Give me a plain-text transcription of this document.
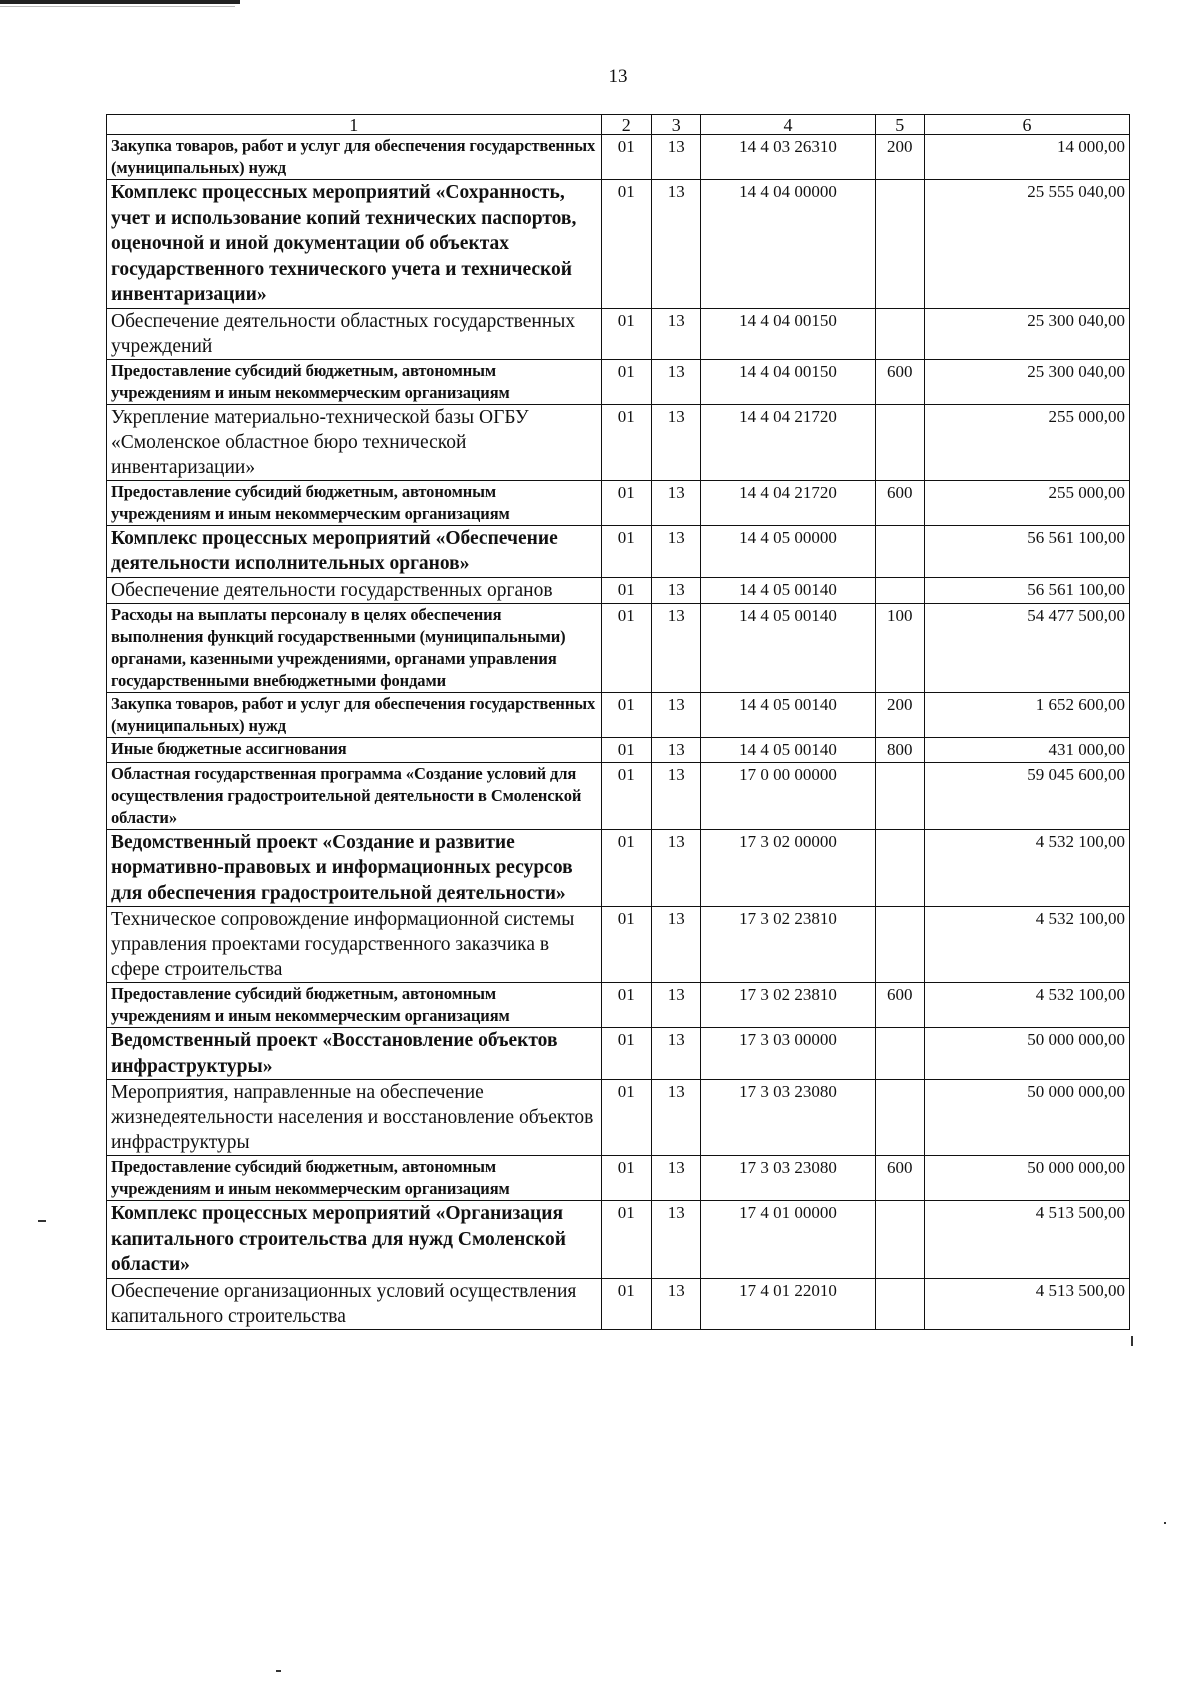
13
1	2	3	4	5	6
Закупка товаров, работ и услуг для обеспечения государственных (муниципальных) нужд	01	13	14 4 03 26310	200	14 000,00
Комплекс процессных мероприятий «Сохранность, учет и использование копий технических паспортов, оценочной и иной документации об объектах государственного технического учета и технической инвентаризации»	01	13	14 4 04 00000		25 555 040,00
Обеспечение деятельности областных государственных учреждений	01	13	14 4 04 00150		25 300 040,00
Предоставление субсидий бюджетным, автономным учреждениям и иным некоммерческим организациям	01	13	14 4 04 00150	600	25 300 040,00
Укрепление материально-технической базы ОГБУ «Смоленское областное бюро технической инвентаризации»	01	13	14 4 04 21720		255 000,00
Предоставление субсидий бюджетным, автономным учреждениям и иным некоммерческим организациям	01	13	14 4 04 21720	600	255 000,00
Комплекс процессных мероприятий «Обеспечение деятельности исполнительных органов»	01	13	14 4 05 00000		56 561 100,00
Обеспечение деятельности государственных органов	01	13	14 4 05 00140		56 561 100,00
Расходы на выплаты персоналу в целях обеспечения выполнения функций государственными (муниципальными) органами, казенными учреждениями, органами управления государственными внебюджетными фондами	01	13	14 4 05 00140	100	54 477 500,00
Закупка товаров, работ и услуг для обеспечения государственных (муниципальных) нужд	01	13	14 4 05 00140	200	1 652 600,00
Иные бюджетные ассигнования	01	13	14 4 05 00140	800	431 000,00
Областная государственная программа «Создание условий для осуществления градостроительной деятельности в Смоленской области»	01	13	17 0 00 00000		59 045 600,00
Ведомственный проект «Создание и развитие нормативно-правовых и информационных ресурсов для обеспечения градостроительной деятельности»	01	13	17 3 02 00000		4 532 100,00
Техническое сопровождение информационной системы управления проектами государственного заказчика в сфере строительства	01	13	17 3 02 23810		4 532 100,00
Предоставление субсидий бюджетным, автономным учреждениям и иным некоммерческим организациям	01	13	17 3 02 23810	600	4 532 100,00
Ведомственный проект «Восстановление объектов инфраструктуры»	01	13	17 3 03 00000		50 000 000,00
Мероприятия, направленные на обеспечение жизнедеятельности населения и восстановление объектов инфраструктуры	01	13	17 3 03 23080		50 000 000,00
Предоставление субсидий бюджетным, автономным учреждениям и иным некоммерческим организациям	01	13	17 3 03 23080	600	50 000 000,00
Комплекс процессных мероприятий «Организация капитального строительства для нужд Смоленской области»	01	13	17 4 01 00000		4 513 500,00
Обеспечение организационных условий осуществления капитального строительства	01	13	17 4 01 22010		4 513 500,00
